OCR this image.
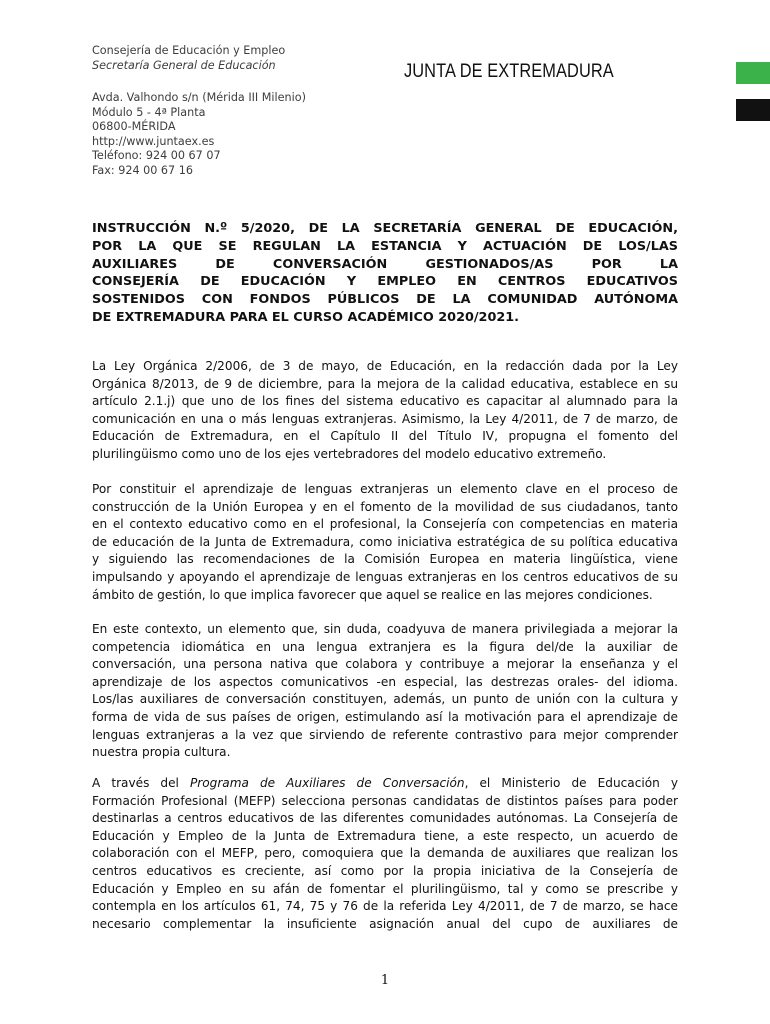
Consejería de Educación y Empleo
Secretaría General de Educación
Avda. Valhondo s/n (Mérida III Milenio)
Módulo 5 - 4ª Planta
06800-MÉRIDA
http://www.juntaex.es
Teléfono: 924 00 67 07
Fax: 924 00 67 16
JUNTA DE EXTREMADURA
INSTRUCCIÓN N.º 5/2020, DE LA SECRETARÍA GENERAL DE EDUCACIÓN,
POR LA QUE SE REGULAN LA ESTANCIA Y ACTUACIÓN DE LOS/LAS
AUXILIARES DE CONVERSACIÓN GESTIONADOS/AS POR LA
CONSEJERÍA DE EDUCACIÓN Y EMPLEO EN CENTROS EDUCATIVOS
SOSTENIDOS CON FONDOS PÚBLICOS DE LA COMUNIDAD AUTÓNOMA
DE EXTREMADURA PARA EL CURSO ACADÉMICO 2020/2021.
La Ley Orgánica 2/2006, de 3 de mayo, de Educación, en la redacción dada por la Ley
Orgánica 8/2013, de 9 de diciembre, para la mejora de la calidad educativa, establece en su
artículo 2.1.j) que uno de los fines del sistema educativo es capacitar al alumnado para la
comunicación en una o más lenguas extranjeras. Asimismo, la Ley 4/2011, de 7 de marzo, de
Educación de Extremadura, en el Capítulo II del Título IV, propugna el fomento del
plurilingüismo como uno de los ejes vertebradores del modelo educativo extremeño.
Por constituir el aprendizaje de lenguas extranjeras un elemento clave en el proceso de
construcción de la Unión Europea y en el fomento de la movilidad de sus ciudadanos, tanto
en el contexto educativo como en el profesional, la Consejería con competencias en materia
de educación de la Junta de Extremadura, como iniciativa estratégica de su política educativa
y siguiendo las recomendaciones de la Comisión Europea en materia lingüística, viene
impulsando y apoyando el aprendizaje de lenguas extranjeras en los centros educativos de su
ámbito de gestión, lo que implica favorecer que aquel se realice en las mejores condiciones.
En este contexto, un elemento que, sin duda, coadyuva de manera privilegiada a mejorar la
competencia idiomática en una lengua extranjera es la figura del/de la auxiliar de
conversación, una persona nativa que colabora y contribuye a mejorar la enseñanza y el
aprendizaje de los aspectos comunicativos -en especial, las destrezas orales- del idioma.
Los/las auxiliares de conversación constituyen, además, un punto de unión con la cultura y
forma de vida de sus países de origen, estimulando así la motivación para el aprendizaje de
lenguas extranjeras a la vez que sirviendo de referente contrastivo para mejor comprender
nuestra propia cultura.
A través del Programa de Auxiliares de Conversación, el Ministerio de Educación y
Formación Profesional (MEFP) selecciona personas candidatas de distintos países para poder
destinarlas a centros educativos de las diferentes comunidades autónomas. La Consejería de
Educación y Empleo de la Junta de Extremadura tiene, a este respecto, un acuerdo de
colaboración con el MEFP, pero, comoquiera que la demanda de auxiliares que realizan los
centros educativos es creciente, así como por la propia iniciativa de la Consejería de
Educación y Empleo en su afán de fomentar el plurilingüismo, tal y como se prescribe y
contempla en los artículos 61, 74, 75 y 76 de la referida Ley 4/2011, de 7 de marzo, se hace
necesario complementar la insuficiente asignación anual del cupo de auxiliares de
1
